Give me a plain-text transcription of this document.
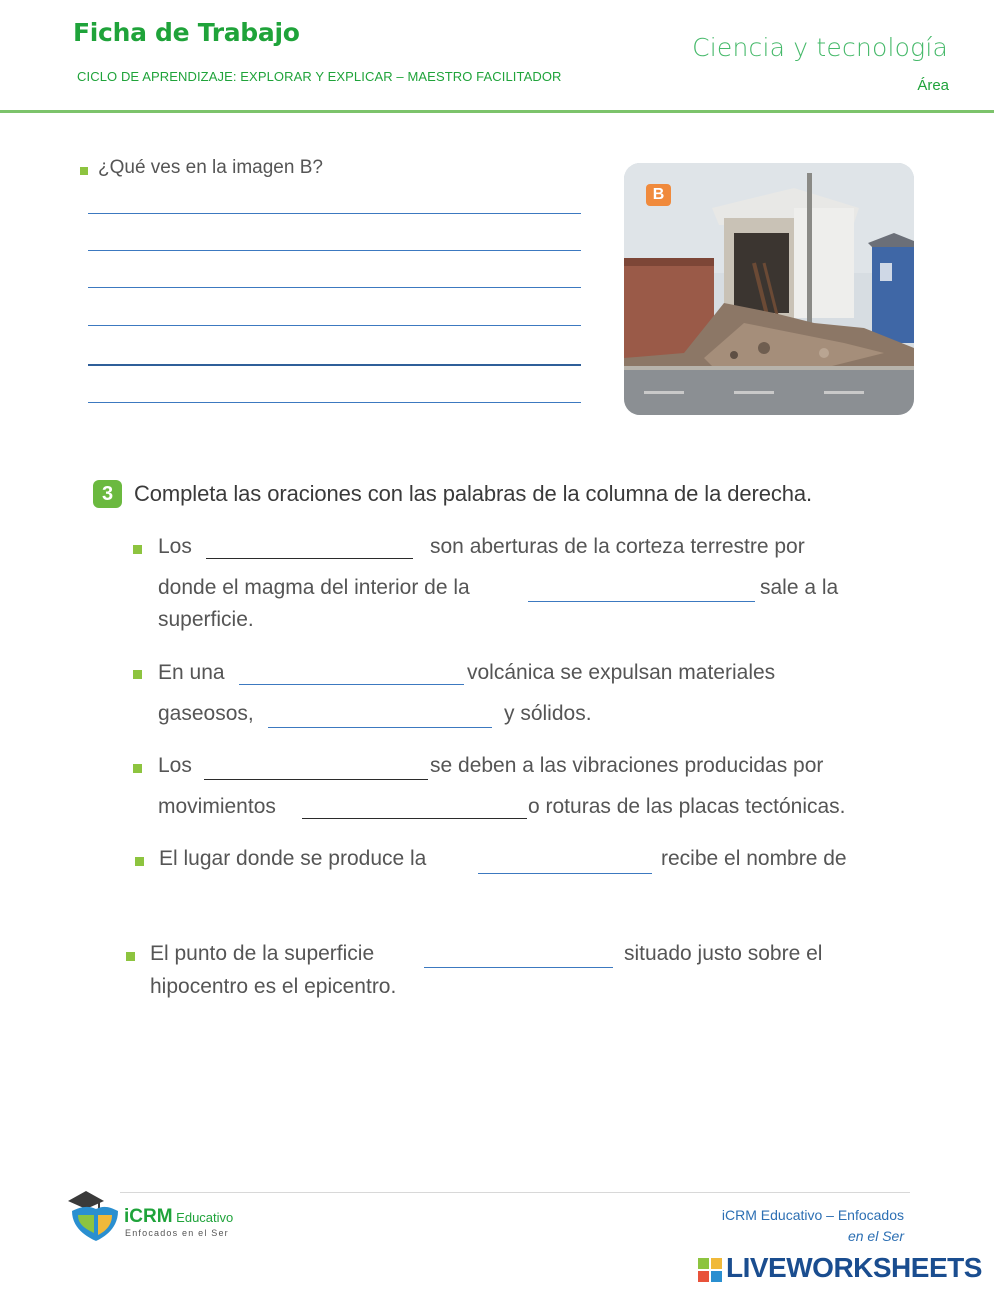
Ficha de Trabajo
CICLO DE APRENDIZAJE: EXPLORAR Y EXPLICAR – MAESTRO FACILITADOR
Ciencia y tecnología
Área
¿Qué ves en la imagen B?
B
3 Completa las oraciones con las palabras de la columna de la derecha.
Los	son aberturas de la corteza terrestre por
donde el magma del interior de la	sale a la
superficie.
En una	volcánica se expulsan materiales
gaseosos,	y sólidos.
Los	se deben a las vibraciones producidas por
movimientos	o roturas de las placas tectónicas.
El lugar donde se produce la	recibe el nombre de
El punto de la superficie	situado justo sobre el
hipocentro es el epicentro.
iCRM Educativo
Enfocados en el Ser
iCRM Educativo – Enfocados
en el Ser
LIVEWORKSHEETS
